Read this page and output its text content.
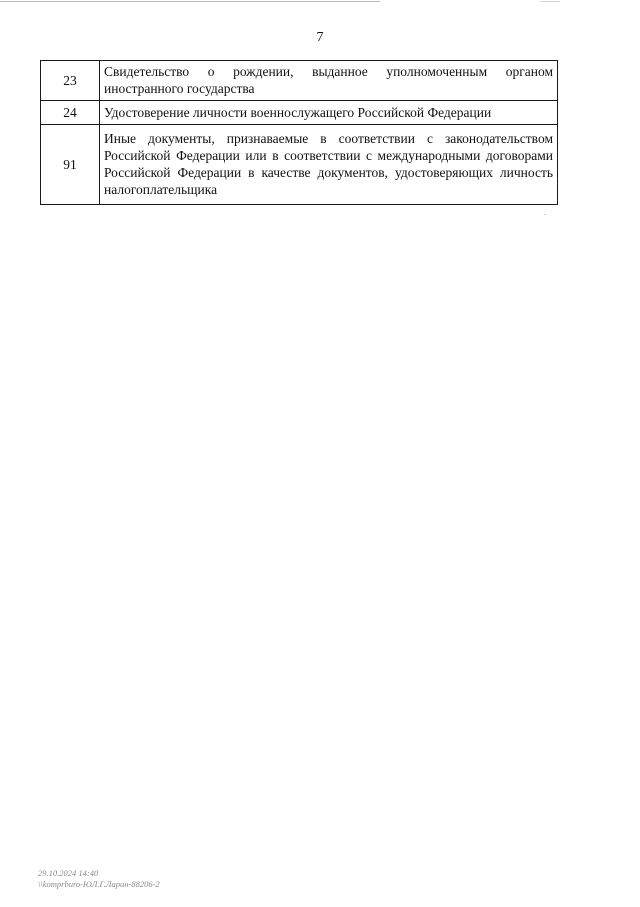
7
23	Свидетельство о рождении, выданное уполномоченным органом иностранного государства
24	Удостоверение личности военнослужащего Российской Федерации
91	Иные документы, признаваемые в соответствии с законодательством Российской Федерации или в соответствии с международными договорами Российской Федерации в качестве документов, удостоверяющих личность налогоплательщика
29.10.2024 14:40
\\komprburo-ЮЛ.Г.Ларин-88206-2
